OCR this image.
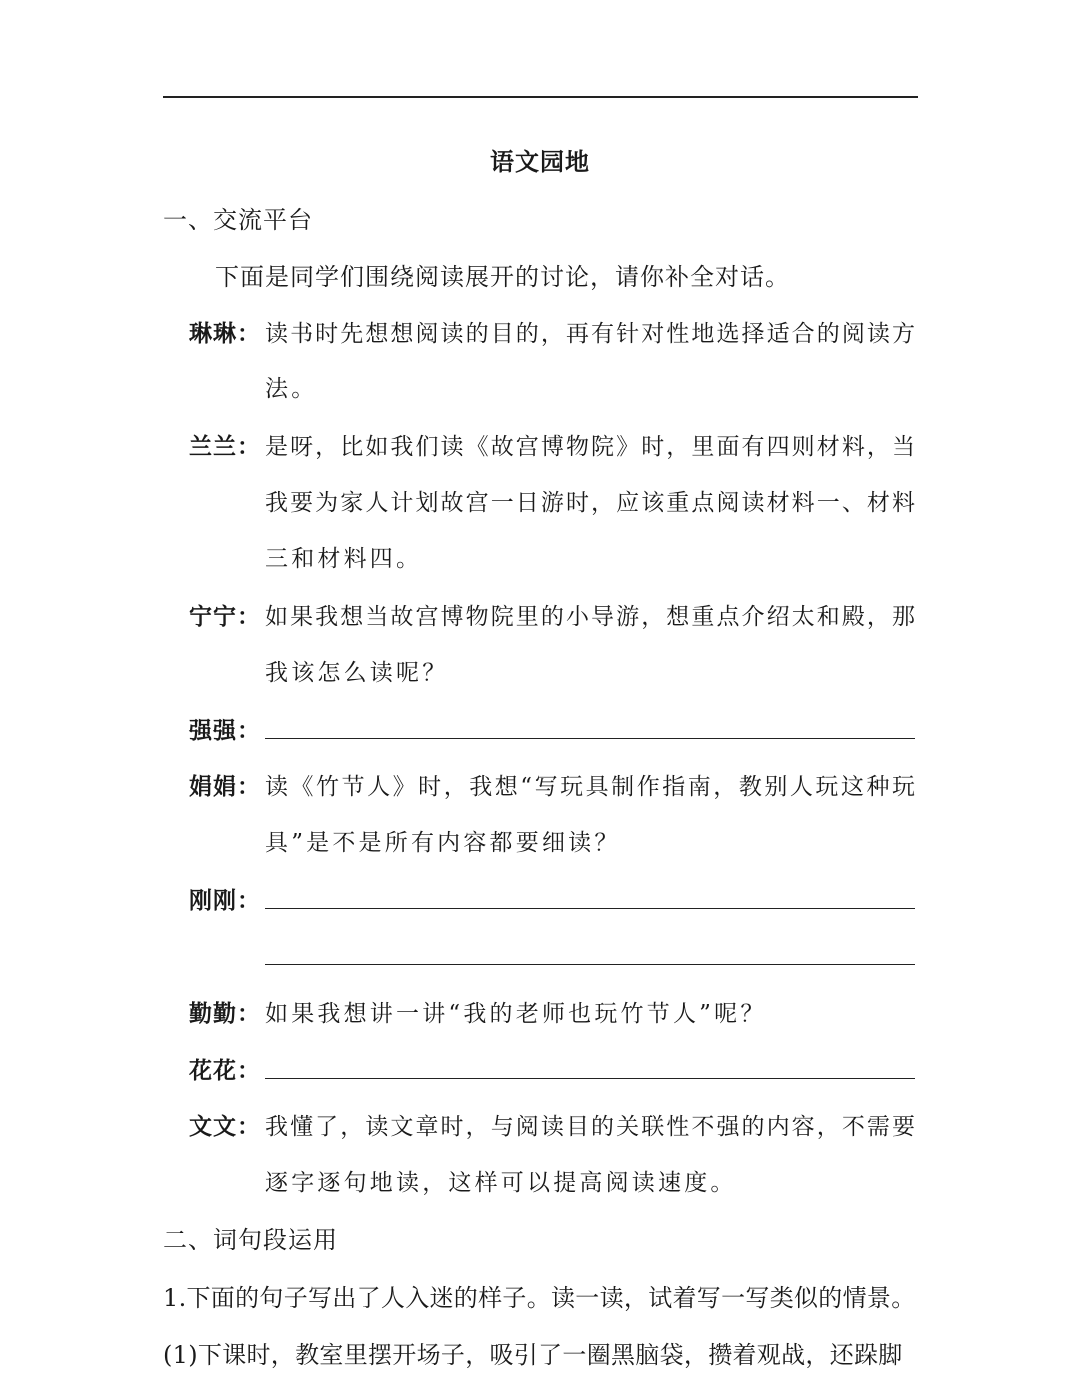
语文园地
一、交流平台
下面是同学们围绕阅读展开的讨论，请你补全对话。
琳琳： 读书时先想想阅读的目的，再有针对性地选择适合的阅读方
法。
兰兰： 是呀，比如我们读《故宫博物院》时，里面有四则材料，当
我要为家人计划故宫一日游时，应该重点阅读材料一、材料
三和材料四。
宁宁： 如果我想当故宫博物院里的小导游，想重点介绍太和殿，那
我该怎么读呢？
强强：
娟娟： 读《竹节人》时，我想“写玩具制作指南，教别人玩这种玩
具”是不是所有内容都要细读？
刚刚：
勤勤： 如果我想讲一讲“我的老师也玩竹节人”呢？
花花：
文文： 我懂了，读文章时，与阅读目的关联性不强的内容，不需要
逐字逐句地读，这样可以提高阅读速度。
二、词句段运用
1.下面的句子写出了人入迷的样子。读一读，试着写一写类似的情景。
(1)下课时，教室里摆开场子，吸引了一圈黑脑袋，攒着观战，还跺脚
